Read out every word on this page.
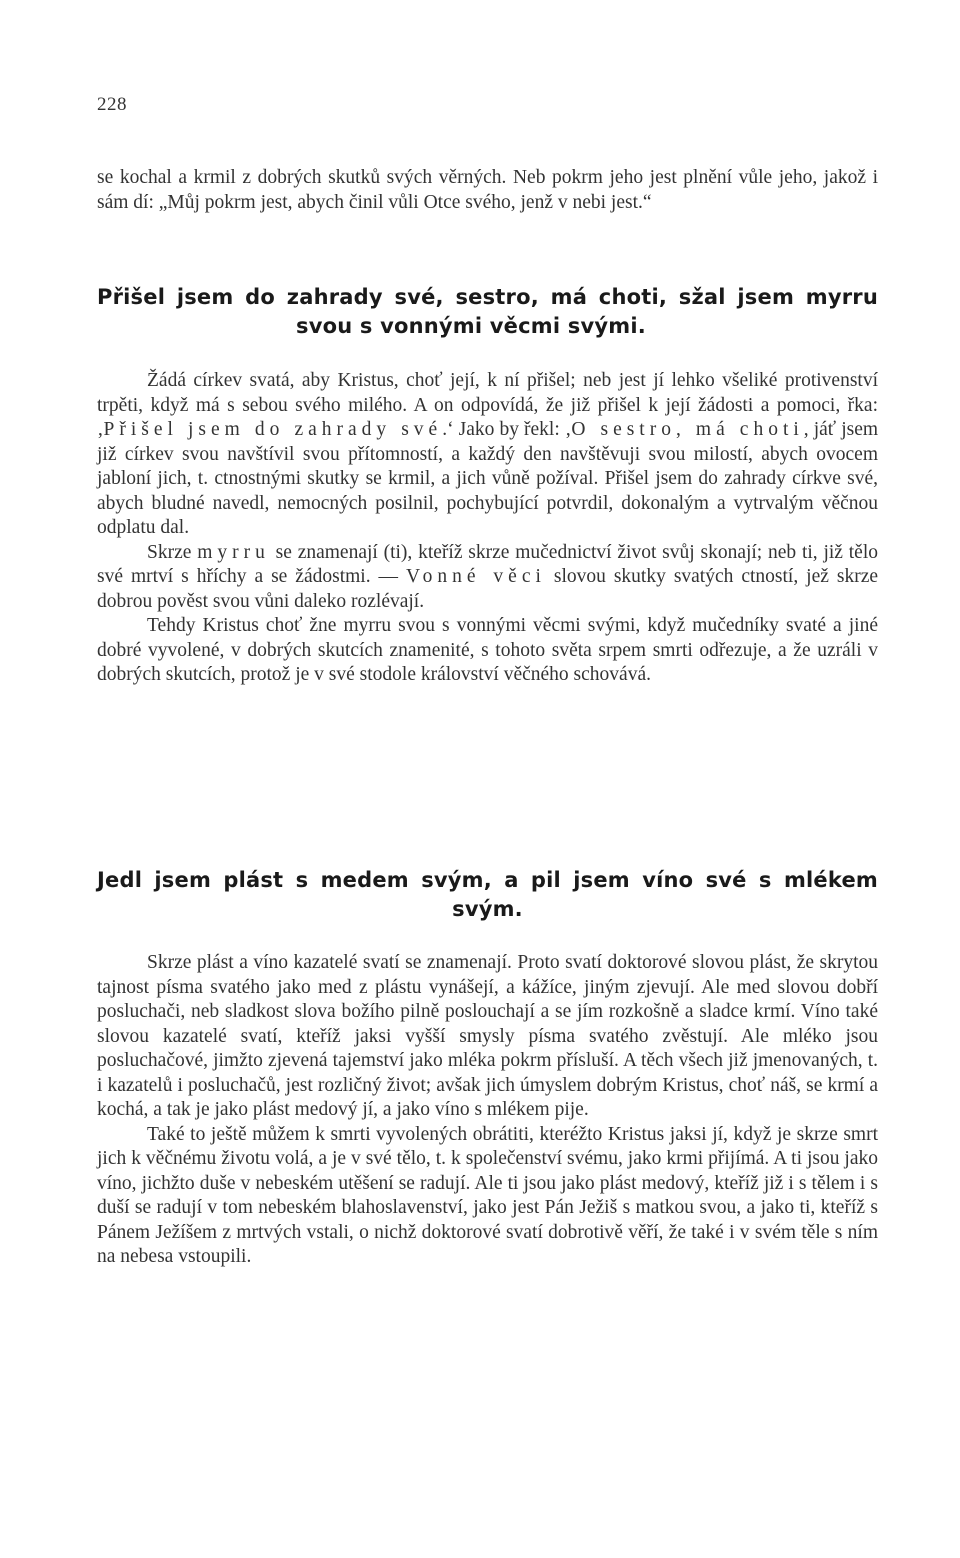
228

se kochal a krmil z dobrých skutků svých věrných. Neb pokrm jeho jest plnění vůle jeho, jakož i sám dí: „Můj pokrm jest, abych činil vůli Otce svého, jenž v nebi jest.“

Přišel jsem do zahrady své, sestro, má choti, sžal jsem myrru
svou s vonnými věcmi svými.

Žádá církev svatá, aby Kristus, choť její, k ní přišel; neb jest jí lehko všeliké protivenství trpěti, když má s sebou svého milého. A on odpovídá, že již přišel k její žádosti a pomoci, řka: ‚Přišel jsem do zahrady své.‘ Jako by řekl: ‚O sestro, má choti, jáť jsem již církev svou navštívil svou přítomností, a každý den navštěvuji svou milostí, abych ovocem jabloní jich, t. ctnostnými skutky se krmil, a jich vůně požíval. Přišel jsem do zahrady církve své, abych bludné navedl, nemocných posilnil, pochybující potvrdil, dokonalým a vytrvalým věčnou odplatu dal.

Skrze myrru se znamenají (ti), kteříž skrze mučednictví život svůj skonají; neb ti, již tělo své mrtví s hříchy a se žádostmi. — Vonné věci slovou skutky svatých ctností, jež skrze dobrou pověst svou vůni daleko rozlévají.

Tehdy Kristus choť žne myrru svou s vonnými věcmi svými, když mučedníky svaté a jiné dobré vyvolené, v dobrých skutcích znamenité, s tohoto světa srpem smrti odřezuje, a že uzráli v dobrých skutcích, protož je v své stodole království věčného schovává.

Jedl jsem plást s medem svým, a pil jsem víno své s mlékem
svým.

Skrze plást a víno kazatelé svatí se znamenají. Proto svatí doktorové slovou plást, že skrytou tajnost písma svatého jako med z plástu vynášejí, a kážíce, jiným zjevují. Ale med slovou dobří posluchači, neb sladkost slova božího pilně poslouchají a se jím rozkošně a sladce krmí. Víno také slovou kazatelé svatí, kteříž jaksi vyšší smysly písma svatého zvěstují. Ale mléko jsou posluchačové, jimžto zjevená tajemství jako mléka pokrm přísluší. A těch všech již jmenovaných, t. i kazatelů i posluchačů, jest rozličný život; avšak jich úmyslem dobrým Kristus, choť náš, se krmí a kochá, a tak je jako plást medový jí, a jako víno s mlékem pije.

Také to ještě můžem k smrti vyvolených obrátiti, kteréžto Kristus jaksi jí, když je skrze smrt jich k věčnému životu volá, a je v své tělo, t. k společenství svému, jako krmi přijímá. A ti jsou jako víno, jichžto duše v nebeském utěšení se radují. Ale ti jsou jako plást medový, kteříž již i s tělem i s duší se radují v tom nebeském blahoslavenství, jako jest Pán Ježiš s matkou svou, a jako ti, kteříž s Pánem Ježíšem z mrtvých vstali, o nichž doktorové svatí dobrotivě věří, že také i v svém těle s ním na nebesa vstoupili.
